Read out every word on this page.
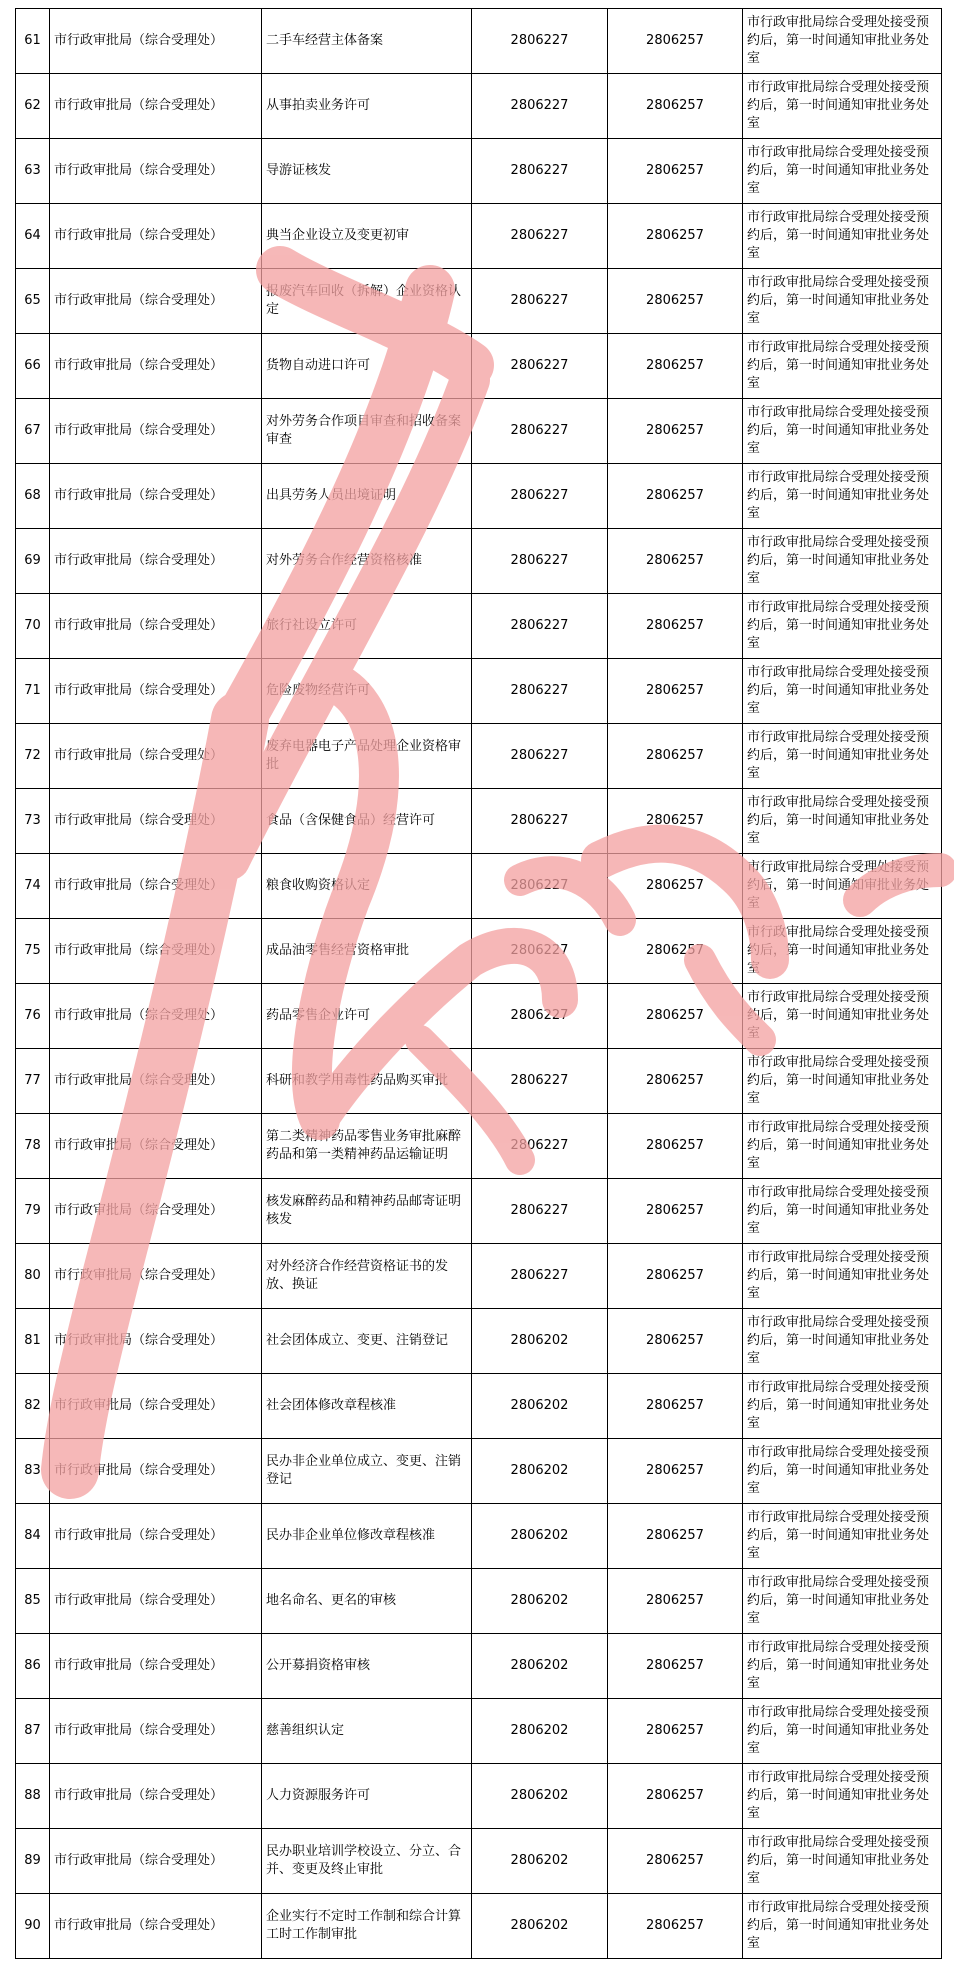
61	市行政审批局（综合受理处）	二手车经营主体备案	2806227	2806257	市行政审批局综合受理处接受预约后，第一时间通知审批业务处室
62	市行政审批局（综合受理处）	从事拍卖业务许可	2806227	2806257	市行政审批局综合受理处接受预约后，第一时间通知审批业务处室
63	市行政审批局（综合受理处）	导游证核发	2806227	2806257	市行政审批局综合受理处接受预约后，第一时间通知审批业务处室
64	市行政审批局（综合受理处）	典当企业设立及变更初审	2806227	2806257	市行政审批局综合受理处接受预约后，第一时间通知审批业务处室
65	市行政审批局（综合受理处）	报废汽车回收（拆解）企业资格认定	2806227	2806257	市行政审批局综合受理处接受预约后，第一时间通知审批业务处室
66	市行政审批局（综合受理处）	货物自动进口许可	2806227	2806257	市行政审批局综合受理处接受预约后，第一时间通知审批业务处室
67	市行政审批局（综合受理处）	对外劳务合作项目审查和招收备案审查	2806227	2806257	市行政审批局综合受理处接受预约后，第一时间通知审批业务处室
68	市行政审批局（综合受理处）	出具劳务人员出境证明	2806227	2806257	市行政审批局综合受理处接受预约后，第一时间通知审批业务处室
69	市行政审批局（综合受理处）	对外劳务合作经营资格核准	2806227	2806257	市行政审批局综合受理处接受预约后，第一时间通知审批业务处室
70	市行政审批局（综合受理处）	旅行社设立许可	2806227	2806257	市行政审批局综合受理处接受预约后，第一时间通知审批业务处室
71	市行政审批局（综合受理处）	危险废物经营许可	2806227	2806257	市行政审批局综合受理处接受预约后，第一时间通知审批业务处室
72	市行政审批局（综合受理处）	废弃电器电子产品处理企业资格审批	2806227	2806257	市行政审批局综合受理处接受预约后，第一时间通知审批业务处室
73	市行政审批局（综合受理处）	食品（含保健食品）经营许可	2806227	2806257	市行政审批局综合受理处接受预约后，第一时间通知审批业务处室
74	市行政审批局（综合受理处）	粮食收购资格认定	2806227	2806257	市行政审批局综合受理处接受预约后，第一时间通知审批业务处室
75	市行政审批局（综合受理处）	成品油零售经营资格审批	2806227	2806257	市行政审批局综合受理处接受预约后，第一时间通知审批业务处室
76	市行政审批局（综合受理处）	药品零售企业许可	2806227	2806257	市行政审批局综合受理处接受预约后，第一时间通知审批业务处室
77	市行政审批局（综合受理处）	科研和教学用毒性药品购买审批	2806227	2806257	市行政审批局综合受理处接受预约后，第一时间通知审批业务处室
78	市行政审批局（综合受理处）	第二类精神药品零售业务审批麻醉药品和第一类精神药品运输证明	2806227	2806257	市行政审批局综合受理处接受预约后，第一时间通知审批业务处室
79	市行政审批局（综合受理处）	核发麻醉药品和精神药品邮寄证明核发	2806227	2806257	市行政审批局综合受理处接受预约后，第一时间通知审批业务处室
80	市行政审批局（综合受理处）	对外经济合作经营资格证书的发放、换证	2806227	2806257	市行政审批局综合受理处接受预约后，第一时间通知审批业务处室
81	市行政审批局（综合受理处）	社会团体成立、变更、注销登记	2806202	2806257	市行政审批局综合受理处接受预约后，第一时间通知审批业务处室
82	市行政审批局（综合受理处）	社会团体修改章程核准	2806202	2806257	市行政审批局综合受理处接受预约后，第一时间通知审批业务处室
83	市行政审批局（综合受理处）	民办非企业单位成立、变更、注销登记	2806202	2806257	市行政审批局综合受理处接受预约后，第一时间通知审批业务处室
84	市行政审批局（综合受理处）	民办非企业单位修改章程核准	2806202	2806257	市行政审批局综合受理处接受预约后，第一时间通知审批业务处室
85	市行政审批局（综合受理处）	地名命名、更名的审核	2806202	2806257	市行政审批局综合受理处接受预约后，第一时间通知审批业务处室
86	市行政审批局（综合受理处）	公开募捐资格审核	2806202	2806257	市行政审批局综合受理处接受预约后，第一时间通知审批业务处室
87	市行政审批局（综合受理处）	慈善组织认定	2806202	2806257	市行政审批局综合受理处接受预约后，第一时间通知审批业务处室
88	市行政审批局（综合受理处）	人力资源服务许可	2806202	2806257	市行政审批局综合受理处接受预约后，第一时间通知审批业务处室
89	市行政审批局（综合受理处）	民办职业培训学校设立、分立、合并、变更及终止审批	2806202	2806257	市行政审批局综合受理处接受预约后，第一时间通知审批业务处室
90	市行政审批局（综合受理处）	企业实行不定时工作制和综合计算工时工作制审批	2806202	2806257	市行政审批局综合受理处接受预约后，第一时间通知审批业务处室
